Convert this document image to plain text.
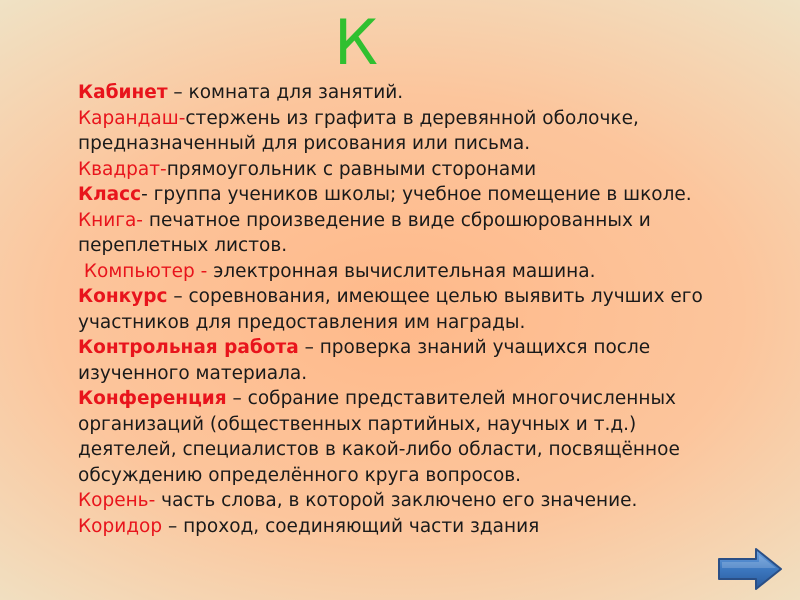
К

Кабинет – комната для занятий.

Карандаш-стержень из графита в деревянной оболочке,

предназначенный для рисования или письма.

Квадрат-прямоугольник с равными сторонами

Класс- группа учеников школы; учебное помещение в школе.

Книга- печатное произведение в виде сброшюрованных и

переплетных листов.

Компьютер - электронная вычислительная машина.

Конкурс – соревнования, имеющее целью выявить лучших его

участников для предоставления им награды.

Контрольная работа – проверка знаний учащихся после

изученного материала.

Конференция – собрание представителей многочисленных

организаций (общественных партийных, научных и т.д.)

деятелей, специалистов в какой-либо области, посвящённое

обсуждению определённого круга вопросов.

Корень- часть слова, в которой заключено его значение.

Коридор – проход, соединяющий части здания
